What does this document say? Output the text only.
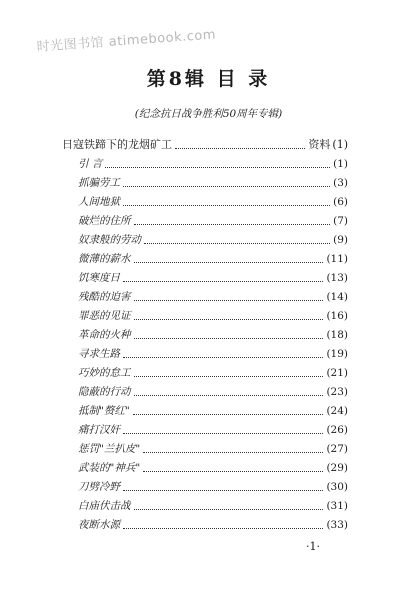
时光图书馆 atimebook.com
第8辑 目 录
(纪念抗日战争胜利50周年专辑)
日寇铁蹄下的龙烟矿工	资料 (1)
引 言	(1)
抓骗劳工	(3)
人间地狱	(6)
破烂的住所	(7)
奴隶般的劳动	(9)
微薄的薪水	(11)
饥寒度日	(13)
残酷的迫害	(14)
罪恶的见证	(16)
革命的火种	(18)
寻求生路	(19)
巧妙的怠工	(21)
隐蔽的行动	(23)
抵制"赘红"	(24)
痛打汉奸	(26)
惩罚"兰扒皮"	(27)
武装的"神兵"	(29)
刀劈冷野	(30)
白庙伏击战	(31)
夜断水源	(33)
·1·
